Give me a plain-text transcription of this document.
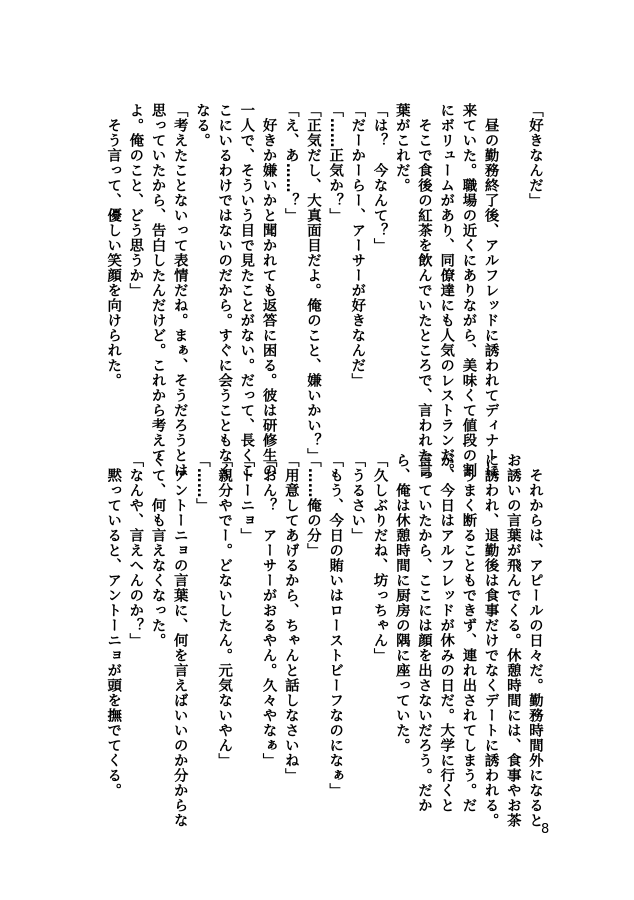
「好きなんだ」

　昼の勤務終了後、アルフレッドに誘われてディナーに

来ていた。職場の近くにありながら、美味くて値段の割

にボリュームがあり、同僚達にも人気のレストランだ。

　そこで食後の紅茶を飲んでいたところで、言われた言

葉がこれだ。

「は？　今なんて？」

「だーかーらー、アーサーが好きなんだ」

「……正気か？」

「正気だし、大真面目だよ。俺のこと、嫌いかい？」

「え、あ……？」

　好きか嫌いかと聞かれても返答に困る。彼は研修生の

一人で、そういう目で見たことがない。だって、長くこ

こにいるわけではないのだから。すぐに会うこともなく

なる。

「考えたことないって表情だね。まぁ、そうだろうとは

思っていたから、告白したんだけど。これから考えて

よ。俺のこと、どう思うか」

　そう言って、優しい笑顔を向けられた。

　それからは、アピールの日々だ。勤務時間外になると

お誘いの言葉が飛んでくる。休憩時間には、食事やお茶

に誘われ、退勤後は食事だけでなくデートに誘われる。

　うまく断ることもできず、連れ出されてしまう。だ

が、今日はアルフレッドが休みの日だ。大学に行くと

言っていたから、ここには顔を出さないだろう。だか

ら、俺は休憩時間に厨房の隅に座っていた。

「久しぶりだね、坊っちゃん」

「うるさい」

「もう、今日の賄いはローストビーフなのになぁ」

「……俺の分」

「用意してあげるから、ちゃんと話しなさいね」

「おん？　アーサーがおるやん。久々やなぁ」

「トーニョ」

「親分やでー。どないしたん。元気ないやん」

「……」

　アントーニョの言葉に、何を言えばいいのか分からな

くて、何も言えなくなった。

「なんや、言えへんのか？」

　黙っていると、アントーニョが頭を撫でてくる。

8
